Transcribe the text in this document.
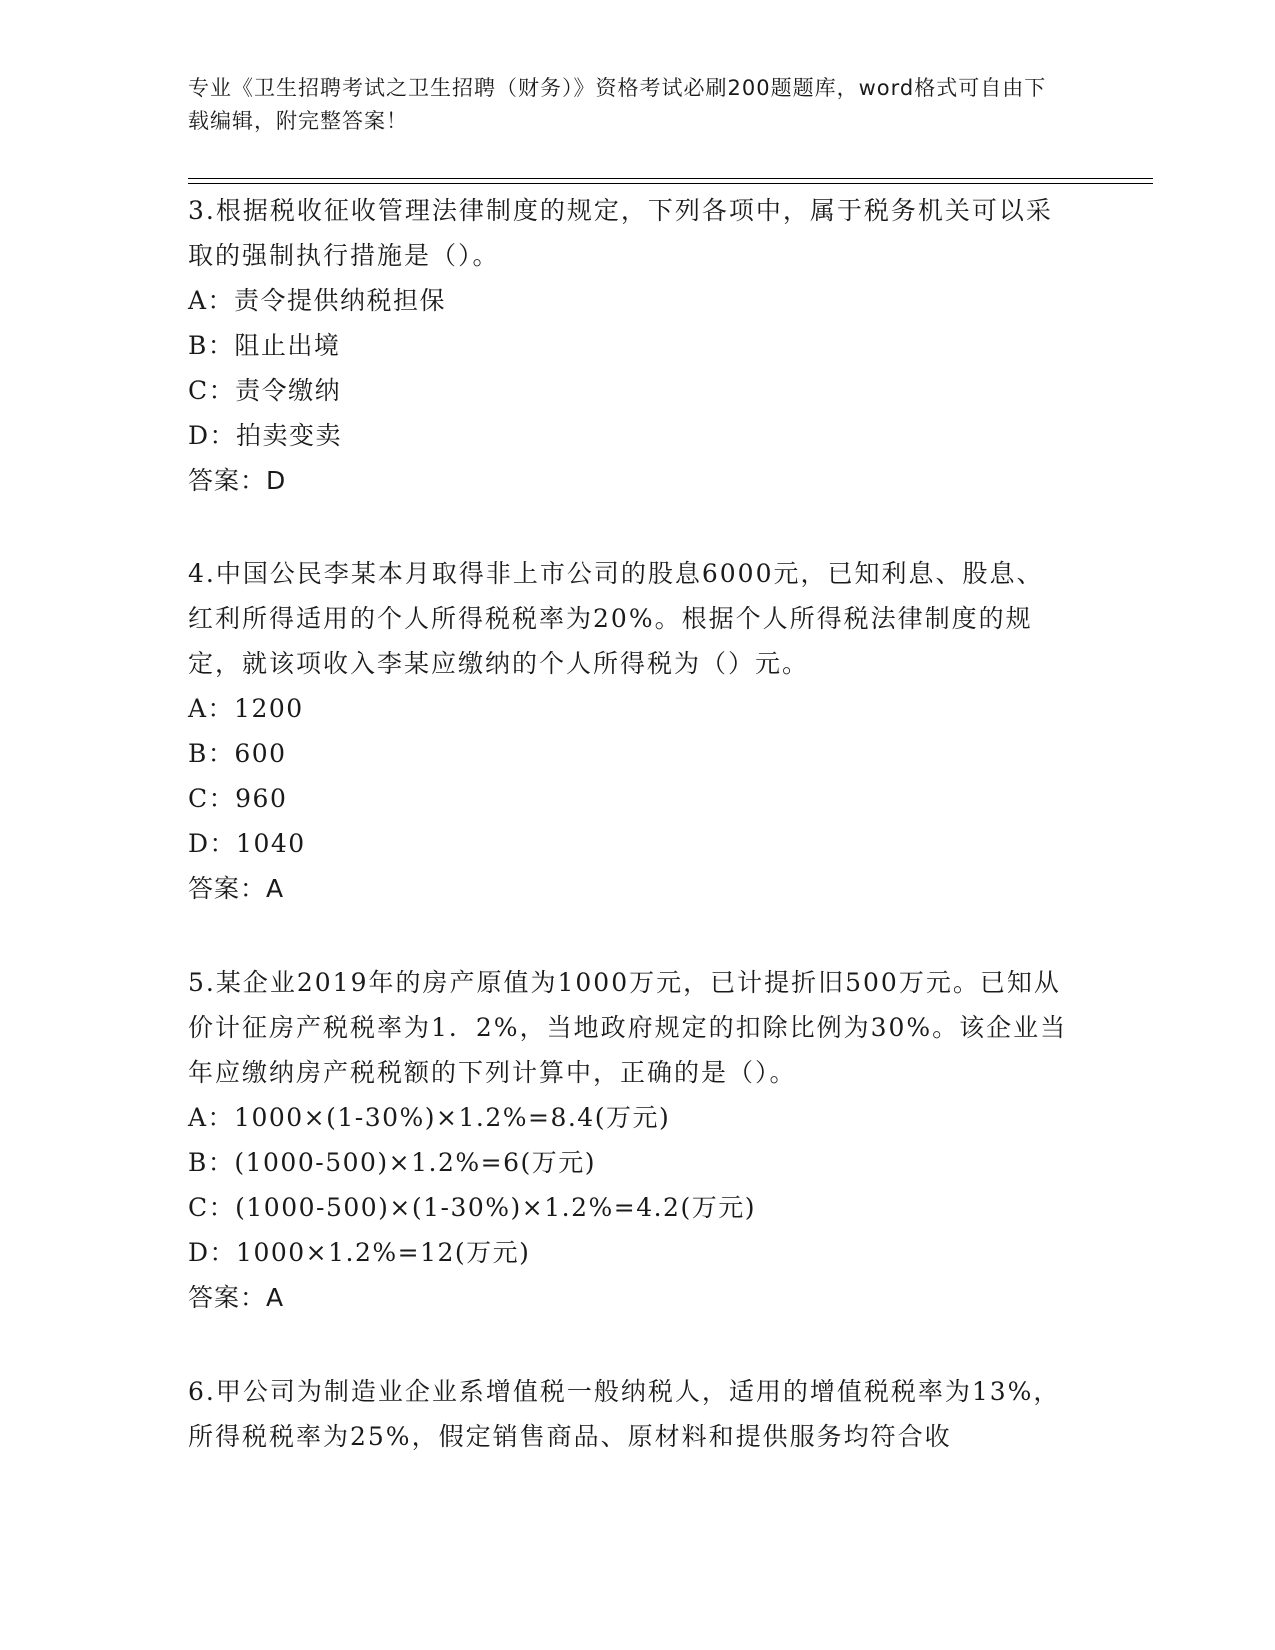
专业《卫生招聘考试之卫生招聘（财务）》资格考试必刷200题题库，word格式可自由下载编辑，附完整答案！

3.根据税收征收管理法律制度的规定，下列各项中，属于税务机关可以采取的强制执行措施是（）。

A：责令提供纳税担保
B：阻止出境
C：责令缴纳
D：拍卖变卖

答案：D

4.中国公民李某本月取得非上市公司的股息6000元，已知利息、股息、红利所得适用的个人所得税税率为20%。根据个人所得税法律制度的规定，就该项收入李某应缴纳的个人所得税为（）元。

A：1200
B：600
C：960
D：1040

答案：A

5.某企业2019年的房产原值为1000万元，已计提折旧500万元。已知从价计征房产税税率为1．2%，当地政府规定的扣除比例为30%。该企业当年应缴纳房产税税额的下列计算中，正确的是（）。

A：1000×(1-30%)×1.2%=8.4(万元)
B：(1000-500)×1.2%=6(万元)
C：(1000-500)×(1-30%)×1.2%=4.2(万元)
D：1000×1.2%=12(万元)

答案：A

6.甲公司为制造业企业系增值税一般纳税人，适用的增值税税率为13%，所得税税率为25%，假定销售商品、原材料和提供服务均符合收
